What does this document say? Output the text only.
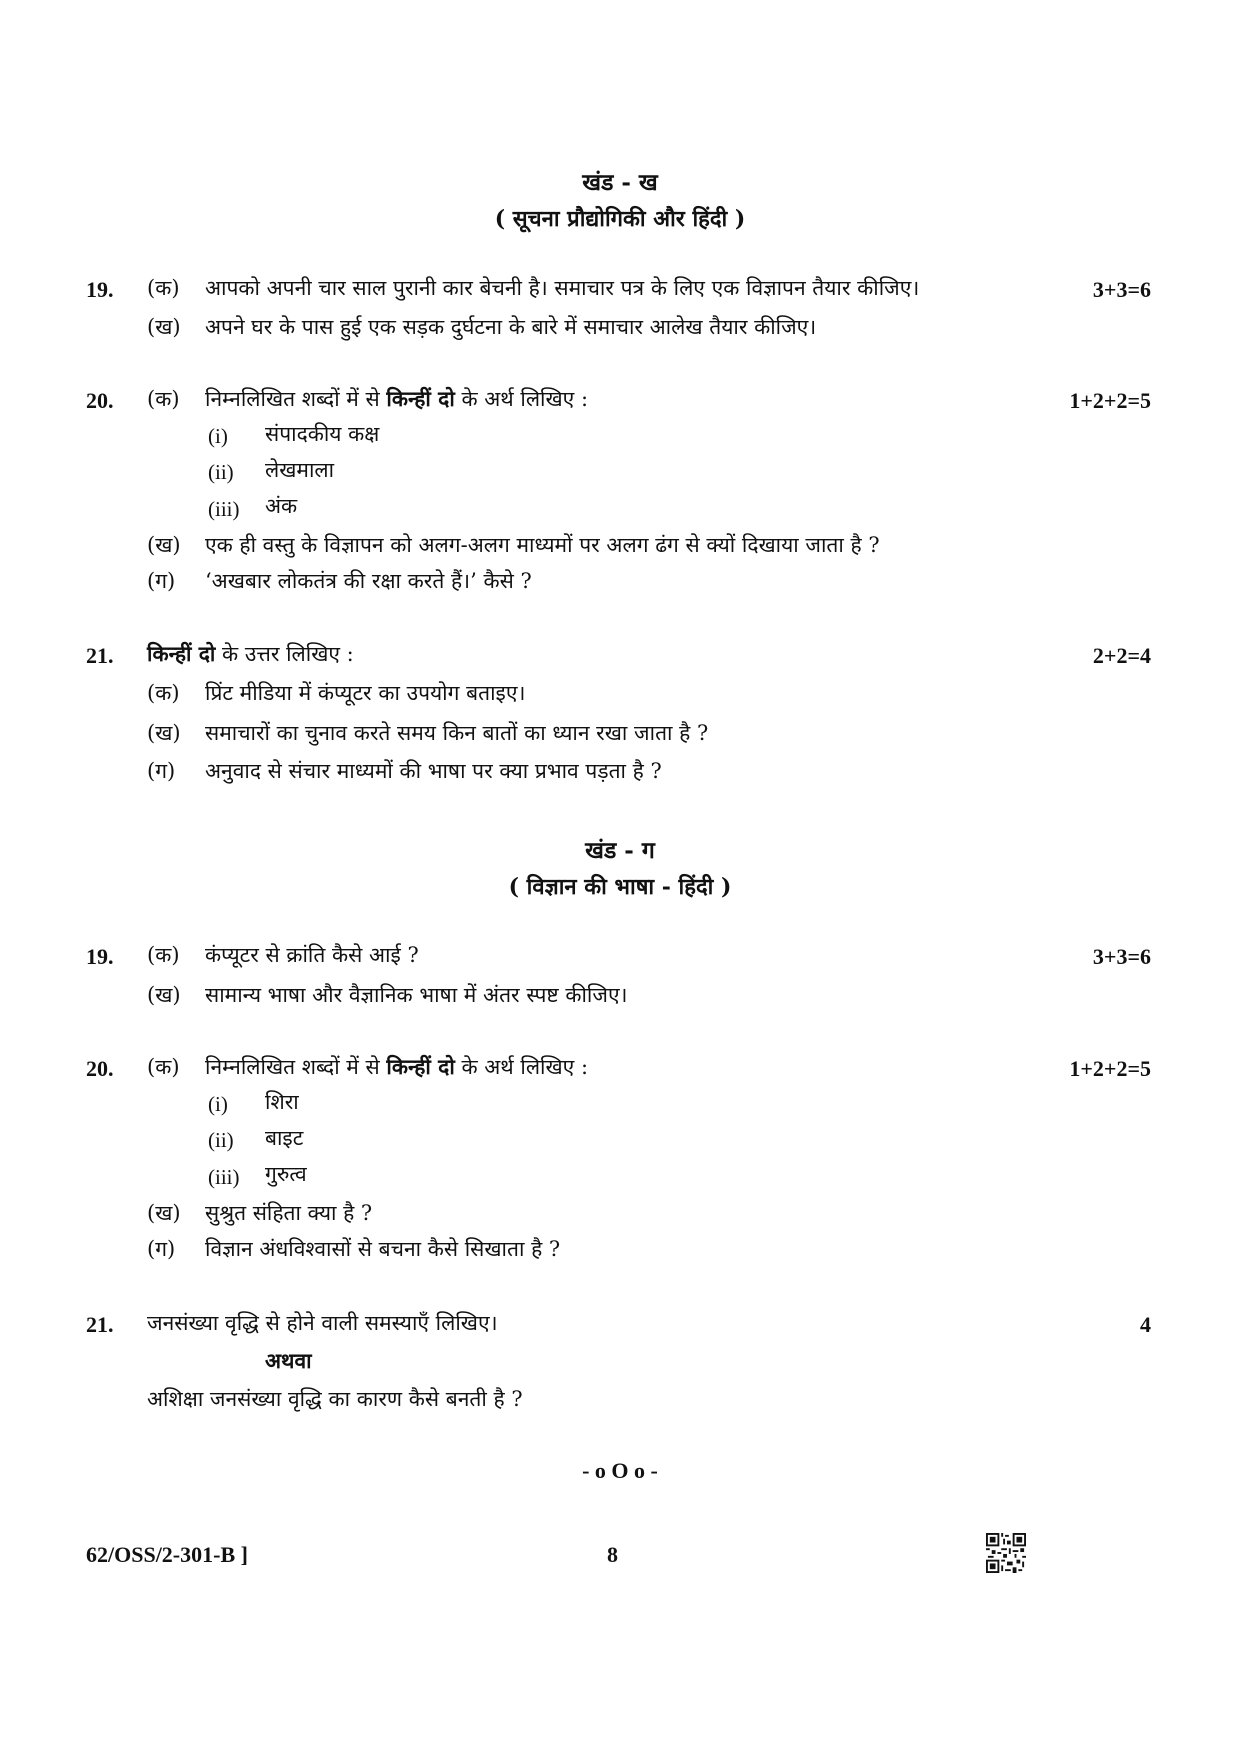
खंड - ख
( सूचना प्रौद्योगिकी और हिंदी )
19. (क) आपको अपनी चार साल पुरानी कार बेचनी है। समाचार पत्र के लिए एक विज्ञापन तैयार कीजिए।	3+3=6
(ख) अपने घर के पास हुई एक सड़क दुर्घटना के बारे में समाचार आलेख तैयार कीजिए।
20. (क) निम्नलिखित शब्दों में से किन्हीं दो के अर्थ लिखिए :	1+2+2=5
(i) संपादकीय कक्ष
(ii) लेखमाला
(iii) अंक
(ख) एक ही वस्तु के विज्ञापन को अलग-अलग माध्यमों पर अलग ढंग से क्यों दिखाया जाता है ?
(ग) ‘अखबार लोकतंत्र की रक्षा करते हैं।’ कैसे ?
21. किन्हीं दो के उत्तर लिखिए :	2+2=4
(क) प्रिंट मीडिया में कंप्यूटर का उपयोग बताइए।
(ख) समाचारों का चुनाव करते समय किन बातों का ध्यान रखा जाता है ?
(ग) अनुवाद से संचार माध्यमों की भाषा पर क्या प्रभाव पड़ता है ?
खंड - ग
( विज्ञान की भाषा - हिंदी )
19. (क) कंप्यूटर से क्रांति कैसे आई ?	3+3=6
(ख) सामान्य भाषा और वैज्ञानिक भाषा में अंतर स्पष्ट कीजिए।
20. (क) निम्नलिखित शब्दों में से किन्हीं दो के अर्थ लिखिए :	1+2+2=5
(i) शिरा
(ii) बाइट
(iii) गुरुत्व
(ख) सुश्रुत संहिता क्या है ?
(ग) विज्ञान अंधविश्वासों से बचना कैसे सिखाता है ?
21. जनसंख्या वृद्धि से होने वाली समस्याएँ लिखिए।	4
अथवा
अशिक्षा जनसंख्या वृद्धि का कारण कैसे बनती है ?
- o O o -
62/OSS/2-301-B ]	8
